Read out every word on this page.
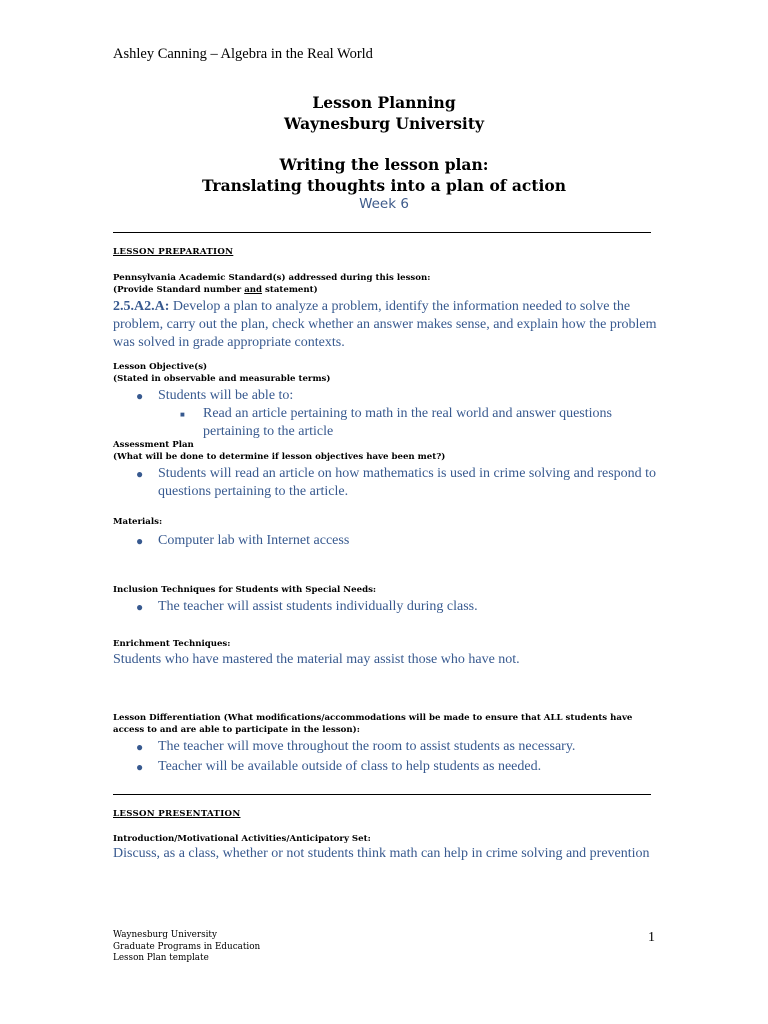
Ashley Canning – Algebra in the Real World
Lesson Planning
Waynesburg University
Writing the lesson plan:
Translating thoughts into a plan of action
Week 6
LESSON PREPARATION
Pennsylvania Academic Standard(s) addressed during this lesson:
(Provide Standard number and statement)
2.5.A2.A: Develop a plan to analyze a problem, identify the information needed to solve the problem, carry out the plan, check whether an answer makes sense, and explain how the problem was solved in grade appropriate contexts.
Lesson Objective(s)
(Stated in observable and measurable terms)
●	Students will be able to:
■	Read an article pertaining to math in the real world and answer questions pertaining to the article
Assessment Plan
(What will be done to determine if lesson objectives have been met?)
●	Students will read an article on how mathematics is used in crime solving and respond to questions pertaining to the article.
Materials:
●	Computer lab with Internet access
Inclusion Techniques for Students with Special Needs:
●	The teacher will assist students individually during class.
Enrichment Techniques:
Students who have mastered the material may assist those who have not.
Lesson Differentiation (What modifications/accommodations will be made to ensure that ALL students have access to and are able to participate in the lesson):
●	The teacher will move throughout the room to assist students as necessary.
●	Teacher will be available outside of class to help students as needed.
LESSON PRESENTATION
Introduction/Motivational Activities/Anticipatory Set:
Discuss, as a class, whether or not students think math can help in crime solving and prevention
Waynesburg University
Graduate Programs in Education
Lesson Plan template
1
